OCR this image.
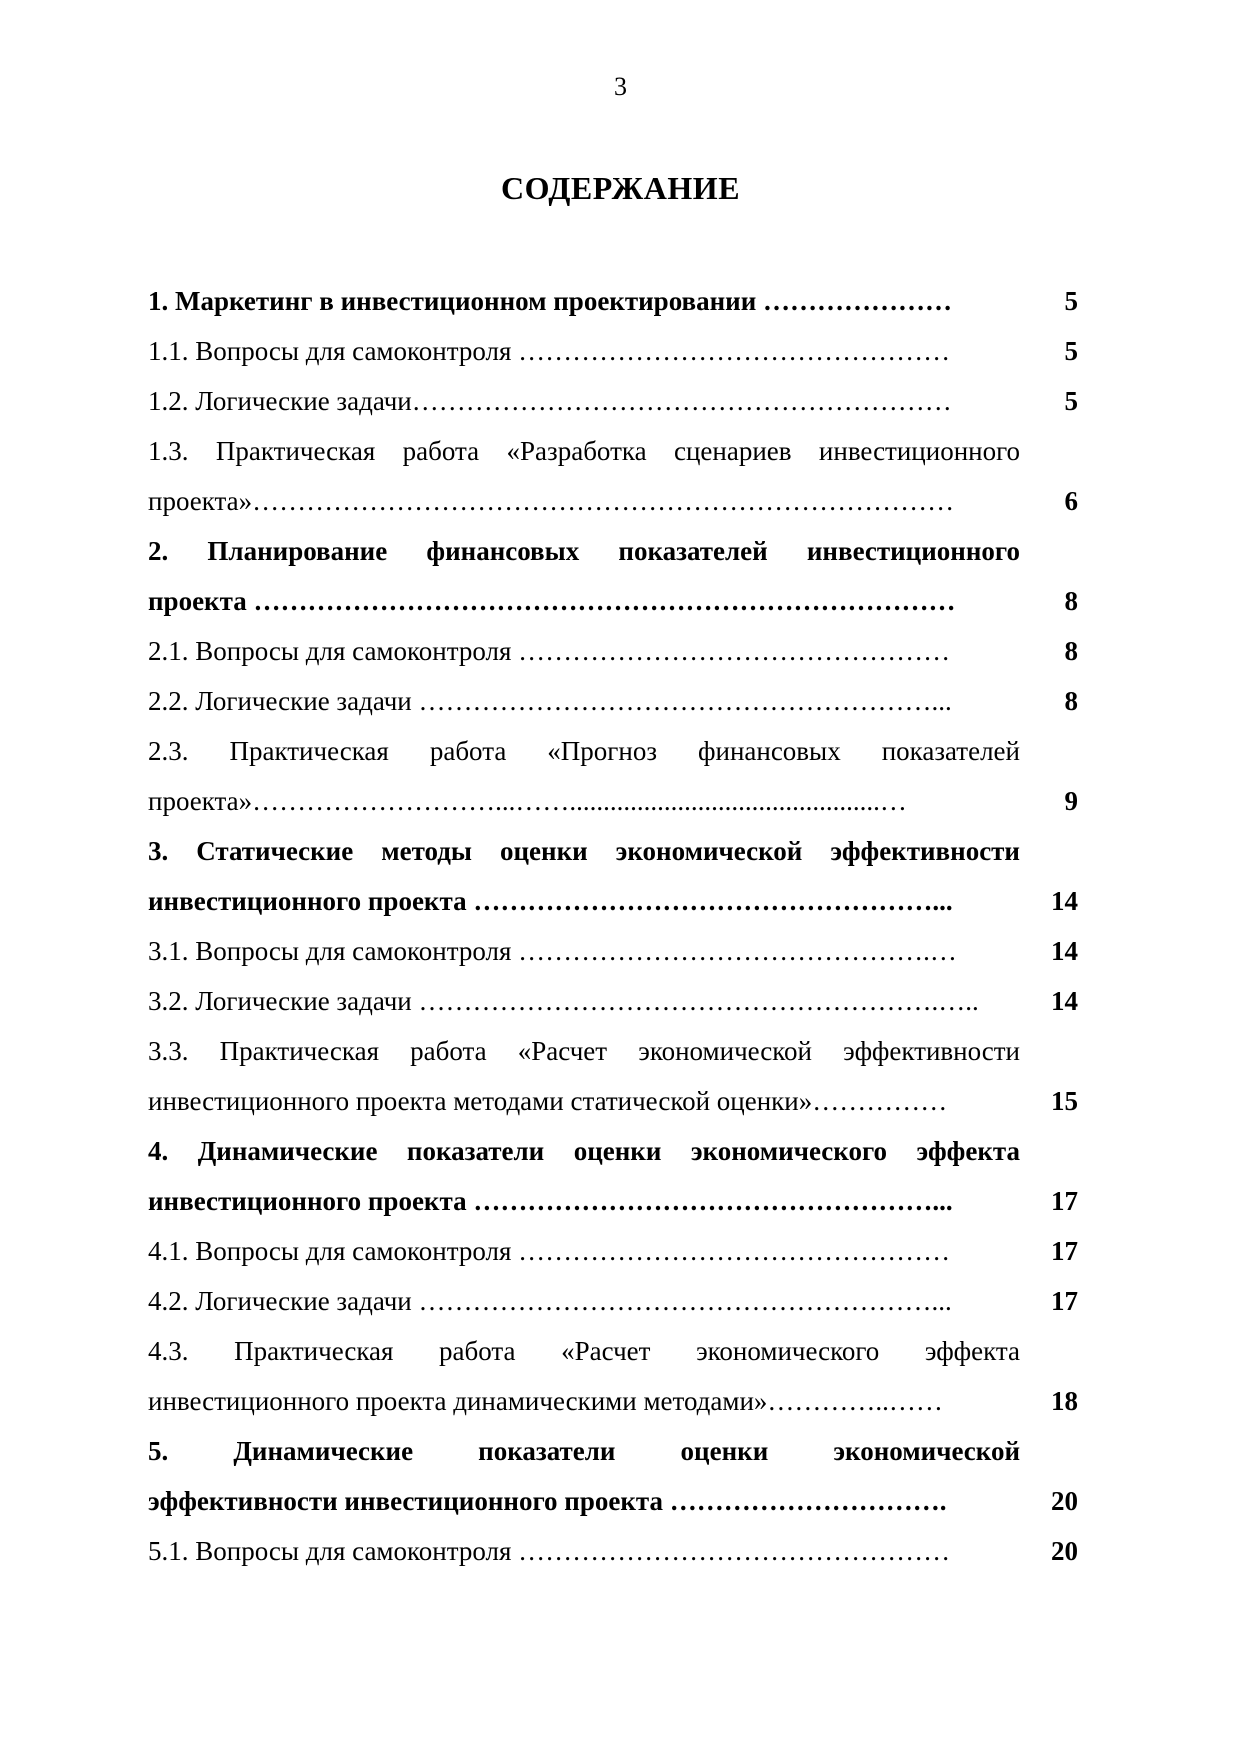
3
СОДЕРЖАНИЕ
1. Маркетинг в инвестиционном проектировании …………………	5
1.1. Вопросы для самоконтроля …………………………………………	5
1.2. Логические задачи……………………………………………………	5
1.3. Практическая работа «Разработка сценариев инвестиционного
проекта»……………………………………………………………………	6
2. Планирование финансовых показателей инвестиционного
проекта ……………………………………………………………………	8
2.1. Вопросы для самоконтроля …………………………………………	8
2.2. Логические задачи …………………………………………………...	8
2.3. Практическая работа «Прогноз финансовых показателей
проекта»………………………...……..............................................…	9
3. Статические методы оценки экономической эффективности
инвестиционного проекта ……………………………………………...	14
3.1. Вопросы для самоконтроля ……………………………………….…	14
3.2. Логические задачи ………………………………………………….…..	14
3.3. Практическая работа «Расчет экономической эффективности
инвестиционного проекта методами статической оценки»……………	15
4. Динамические показатели оценки экономического эффекта
инвестиционного проекта ……………………………………………...	17
4.1. Вопросы для самоконтроля …………………………………………	17
4.2. Логические задачи …………………………………………………...	17
4.3. Практическая работа «Расчет экономического эффекта
инвестиционного проекта динамическими методами»…………..……	18
5. Динамические показатели оценки экономической
эффективности инвестиционного проекта ………………………….	20
5.1. Вопросы для самоконтроля …………………………………………	20
